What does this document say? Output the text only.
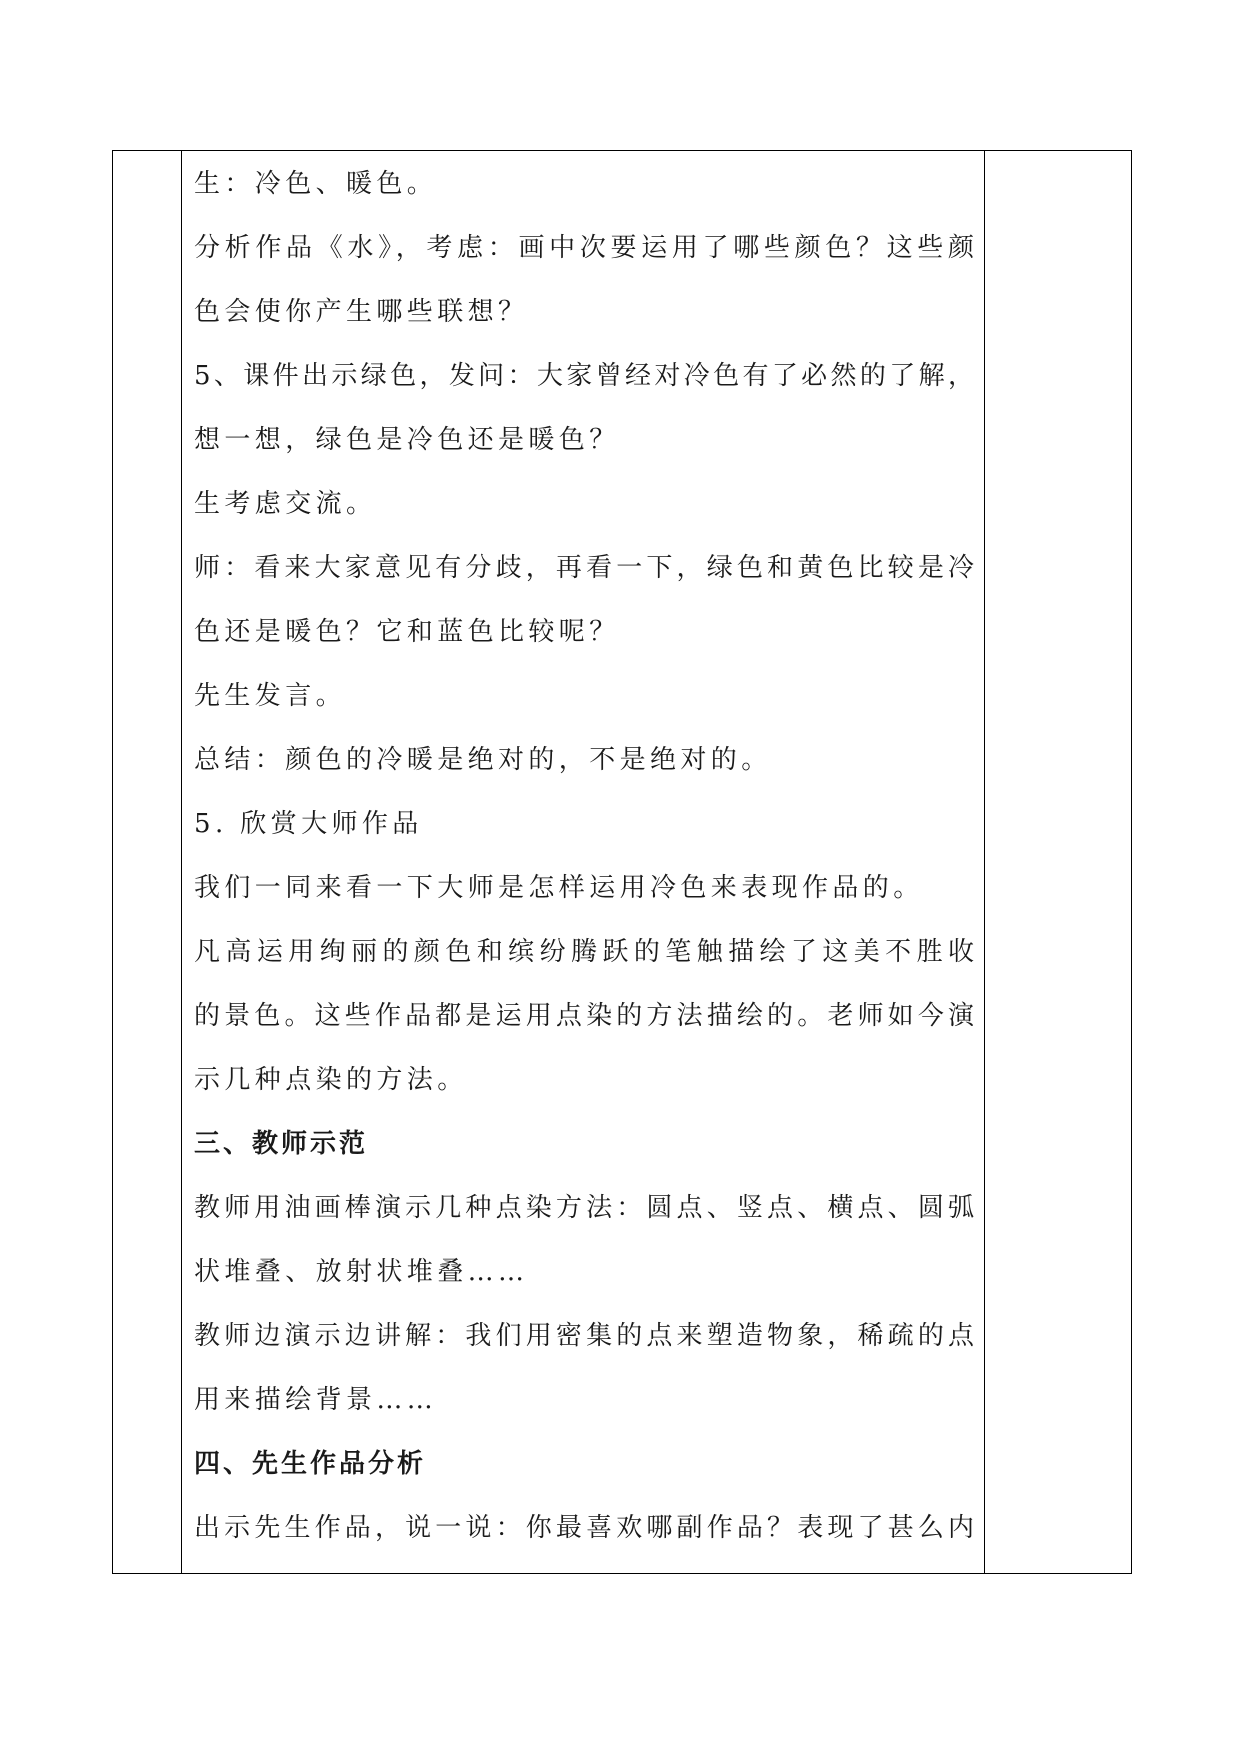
生：冷色、暖色。
分析作品《水》，考虑：画中次要运用了哪些颜色？这些颜
色会使你产生哪些联想？
5、课件出示绿色，发问：大家曾经对冷色有了必然的了解，
想一想，绿色是冷色还是暖色？
生考虑交流。
师：看来大家意见有分歧，再看一下，绿色和黄色比较是冷
色还是暖色？它和蓝色比较呢？
先生发言。
总结：颜色的冷暖是绝对的，不是绝对的。
5. 欣赏大师作品
我们一同来看一下大师是怎样运用冷色来表现作品的。
凡高运用绚丽的颜色和缤纷腾跃的笔触描绘了这美不胜收
的景色。这些作品都是运用点染的方法描绘的。老师如今演
示几种点染的方法。
三、教师示范
教师用油画棒演示几种点染方法：圆点、竖点、横点、圆弧
状堆叠、放射状堆叠……
教师边演示边讲解：我们用密集的点来塑造物象，稀疏的点
用来描绘背景……
四、先生作品分析
出示先生作品，说一说：你最喜欢哪副作品？表现了甚么内
